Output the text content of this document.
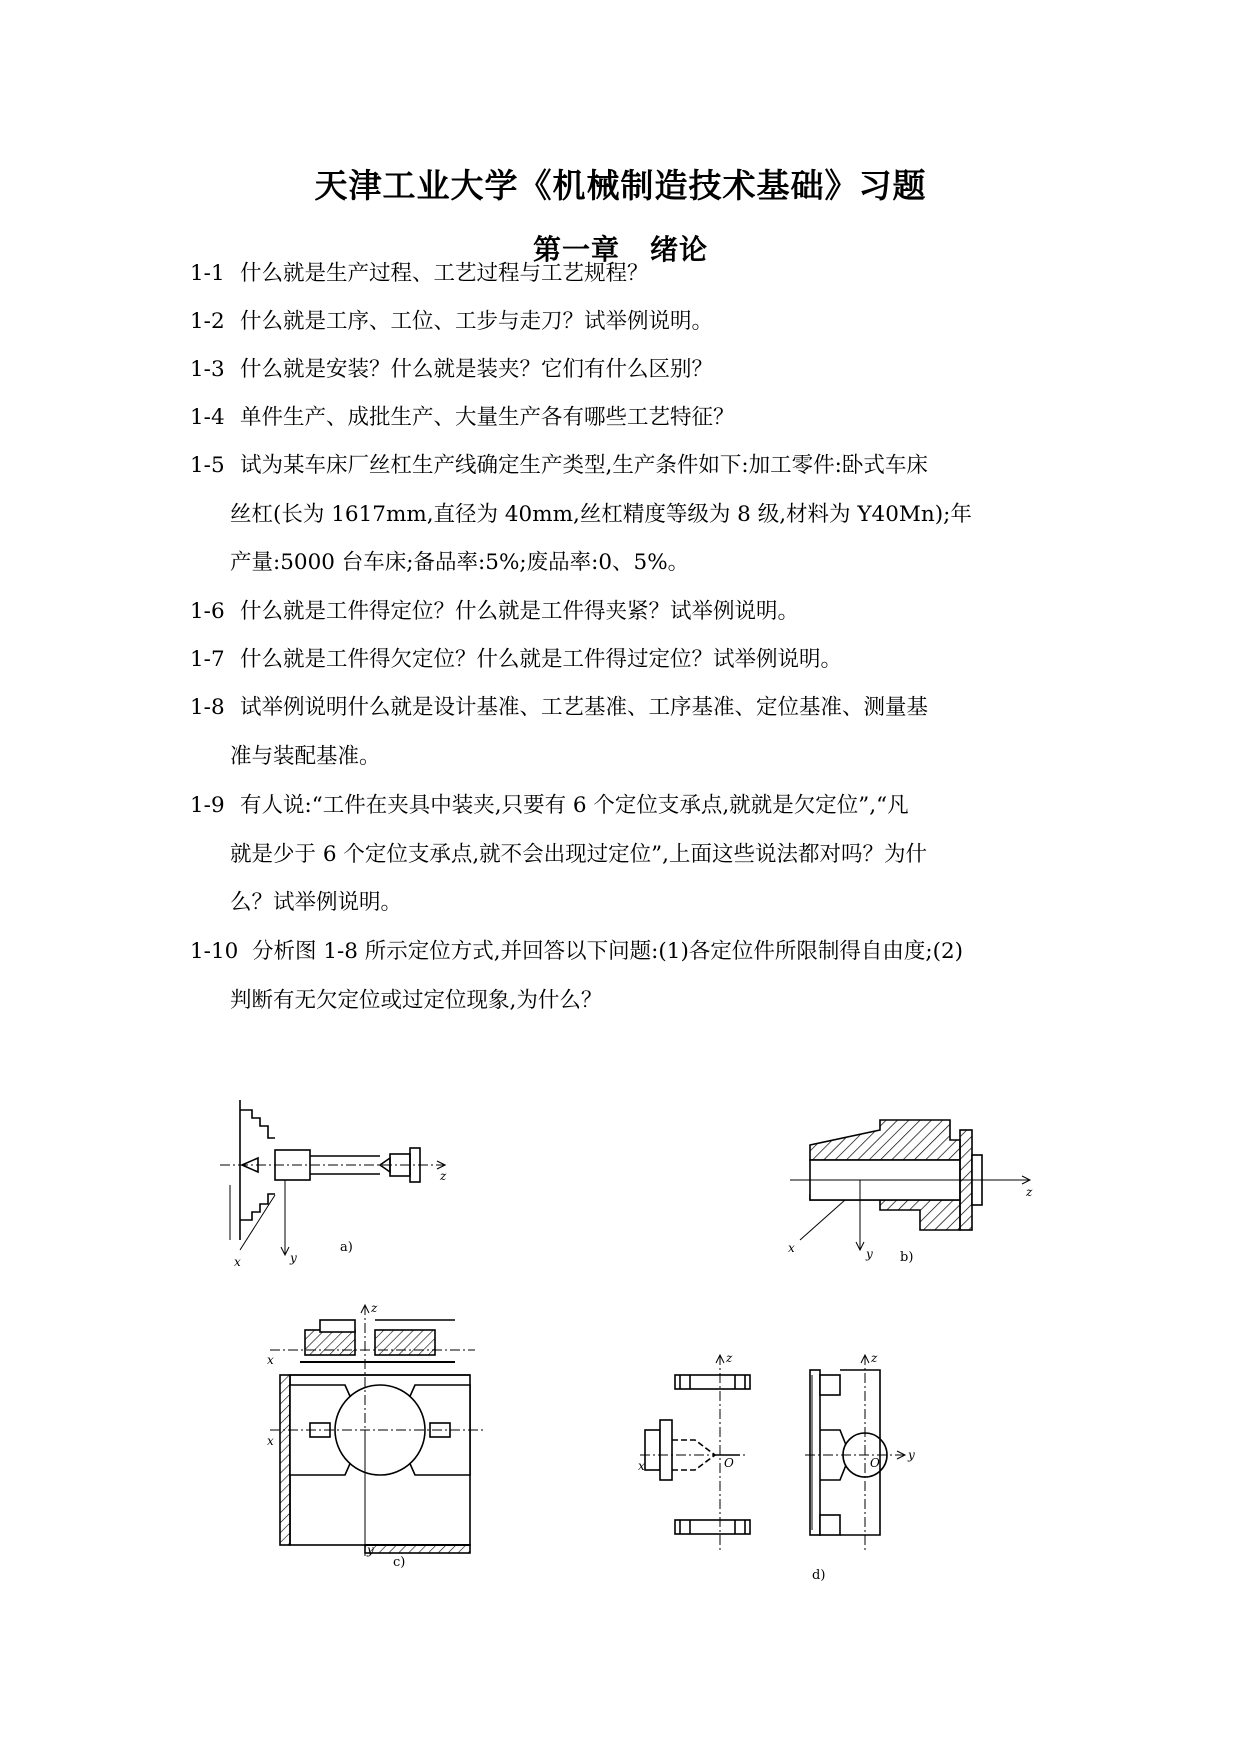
天津工业大学《机械制造技术基础》习题
第一章 绪论
1-1 什么就是生产过程、工艺过程与工艺规程？
1-2 什么就是工序、工位、工步与走刀？试举例说明。
1-3 什么就是安装？什么就是装夹？它们有什么区别？
1-4 单件生产、成批生产、大量生产各有哪些工艺特征？
1-5 试为某车床厂丝杠生产线确定生产类型,生产条件如下:加工零件:卧式车床
丝杠(长为 1617mm,直径为 40mm,丝杠精度等级为 8 级,材料为 Y40Mn);年
产量:5000 台车床;备品率:5%;废品率:0、5%。
1-6 什么就是工件得定位？什么就是工件得夹紧？试举例说明。
1-7 什么就是工件得欠定位？什么就是工件得过定位？试举例说明。
1-8 试举例说明什么就是设计基准、工艺基准、工序基准、定位基准、测量基
准与装配基准。
1-9 有人说:“工件在夹具中装夹,只要有 6 个定位支承点,就就是欠定位”,“凡
就是少于 6 个定位支承点,就不会出现过定位”,上面这些说法都对吗？为什
么？试举例说明。
1-10 分析图 1-8 所示定位方式,并回答以下问题:(1)各定位件所限制得自由度;(2)
判断有无欠定位或过定位现象,为什么？
x	y
z
a)	x	y
z
b)
x
y
z
x
c)
x
z
O
z
y
O
d)
